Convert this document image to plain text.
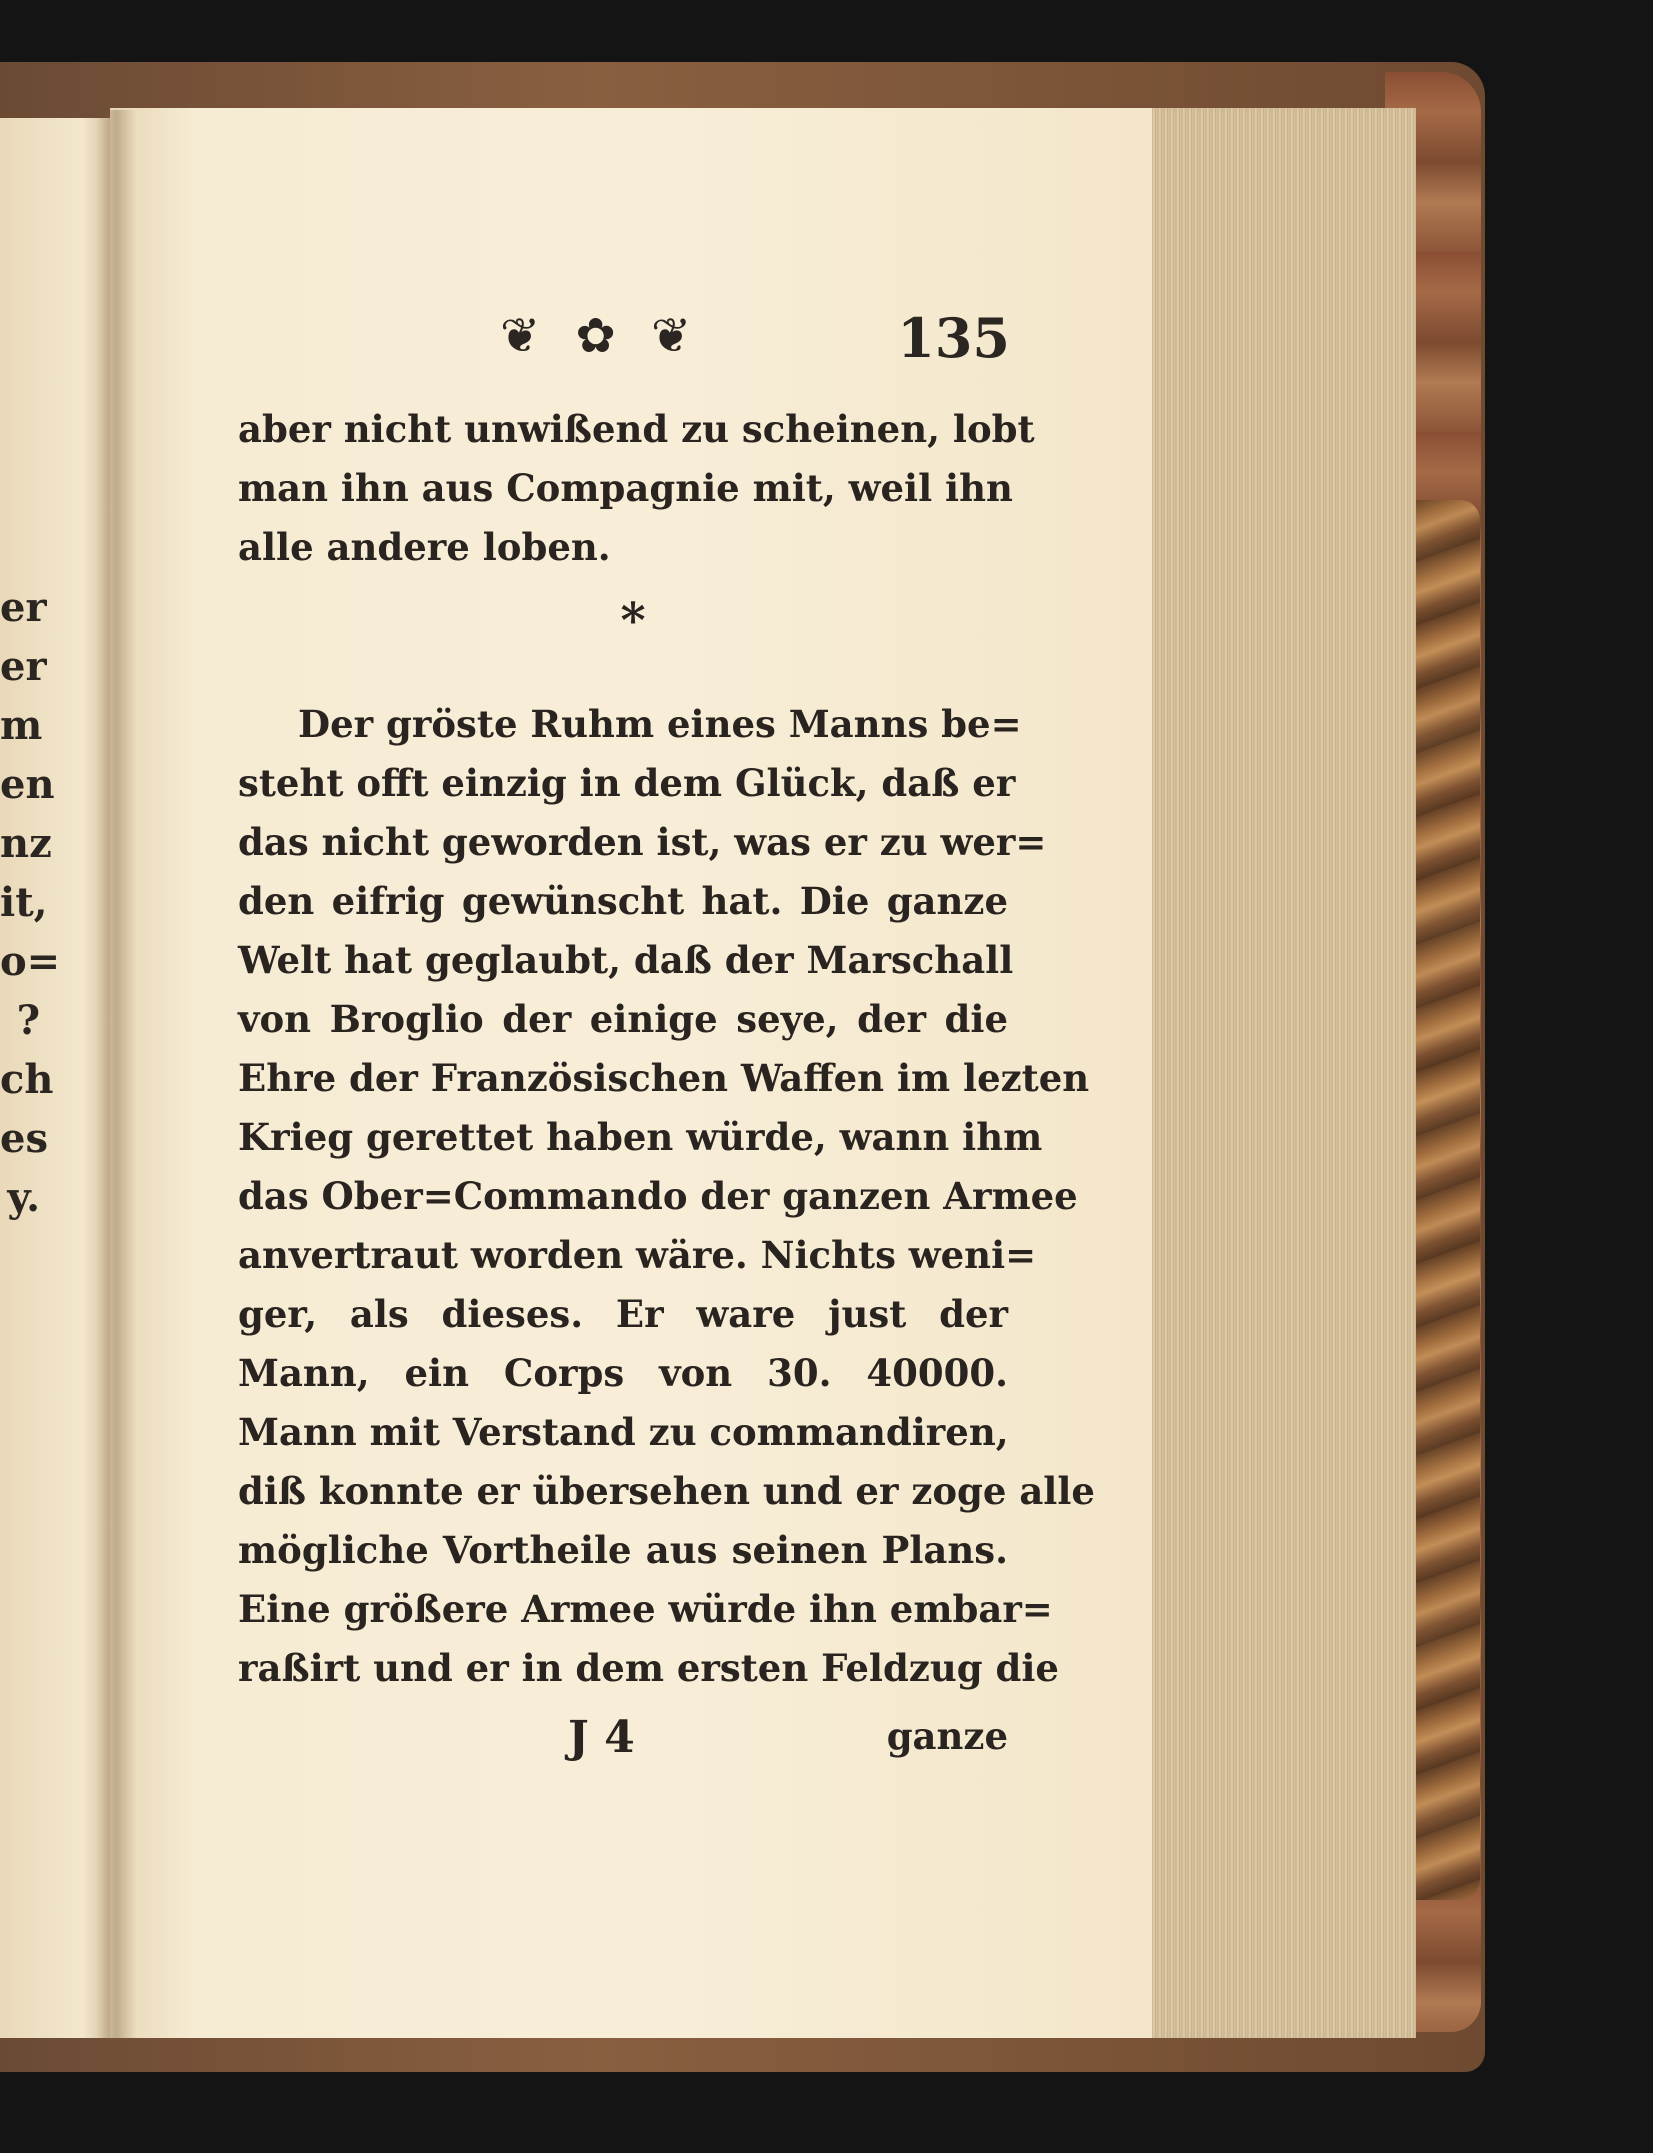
er
er
m
en
nz
it,
o=
?
ch
es
y.
❦ ✿ ❦	135
aber nicht unwißend zu scheinen, lobt
man ihn aus Compagnie mit, weil ihn
alle andere loben.
*
Der gröste Ruhm eines Manns be=
steht offt einzig in dem Glück, daß er
das nicht geworden ist, was er zu wer=
den eifrig gewünscht hat. Die ganze
Welt hat geglaubt, daß der Marschall
von Broglio der einige seye, der die
Ehre der Französischen Waffen im lezten
Krieg gerettet haben würde, wann ihm
das Ober=Commando der ganzen Armee
anvertraut worden wäre. Nichts weni=
ger, als dieses. Er ware just der
Mann, ein Corps von 30. 40000.
Mann mit Verstand zu commandiren,
diß konnte er übersehen und er zoge alle
mögliche Vortheile aus seinen Plans.
Eine größere Armee würde ihn embar=
raßirt und er in dem ersten Feldzug die
J 4	ganze
